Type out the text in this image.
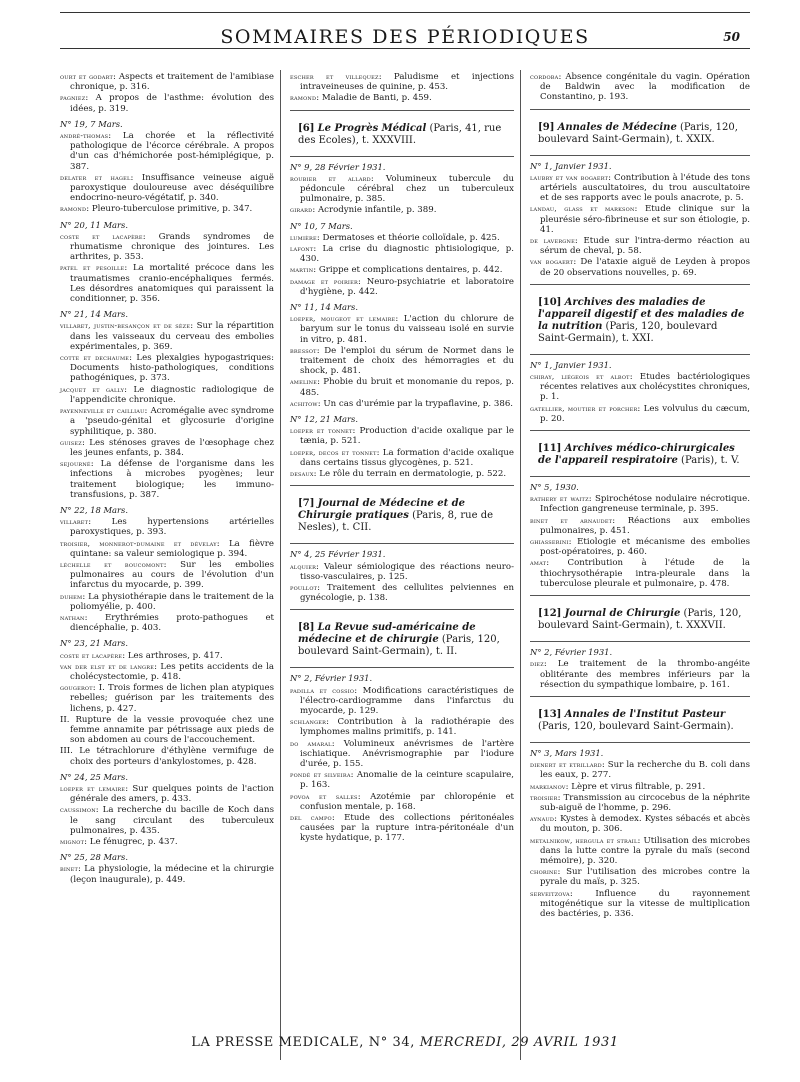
SOMMAIRES DES PÉRIODIQUES	50
ourt et godart: Aspects et traitement de l'amibiase chronique, p. 316.
pagniez: A propos de l'asthme: évolution des idées, p. 319.
N° 19, 7 Mars.
andré-thomas: La chorée et la réflectivité pathologique de l'écorce cérébrale. A propos d'un cas d'hémichorée post-hémiplégique, p. 387.
delater et hagel: Insuffisance veineuse aiguë paroxystique douloureuse avec déséquilibre endocrino-neuro-végétatif, p. 340.
ramond: Pleuro-tuberculose primitive, p. 347.
N° 20, 11 Mars.
coste et lacapère: Grands syndromes de rhumatisme chronique des jointures. Les arthrites, p. 353.
patel et pesoille: La mortalité précoce dans les traumatismes cranio-encéphaliques fermés. Les désordres anatomiques qui paraissent la conditionner, p. 356.
N° 21, 14 Mars.
villaret, justin-besançon et de sèze: Sur la répartition dans les vaisseaux du cerveau des embolies expérimentales, p. 369.
cotte et dechaume: Les plexalgies hypogastriques: Documents histo-pathologiques, conditions pathogéniques, p. 373.
jacquet et gally: Le diagnostic radiologique de l'appendicite chronique.
payenneville et cailliau: Acromégalie avec syndrome a 'pseudo-génital et glycosurie d'origine syphilitique, p. 380.
guisez: Les sténoses graves de l'œsophage chez les jeunes enfants, p. 384.
sejourné: La défense de l'organisme dans les infections à microbes pyogènes; leur traitement biologique; les immuno-transfusions, p. 387.
N° 22, 18 Mars.
villaret: Les hypertensions artérielles paroxystiques, p. 393.
troisier, monnerot-dumaine et dévelay: La fièvre quintane: sa valeur semiologique p. 394.
léchelle et boucomont: Sur les embolies pulmonaires au cours de l'évolution d'un infarctus du myocarde, p. 399.
duhem: La physiothérapie dans le traitement de la poliomyélie, p. 400.
nathan: Erythrémies proto-pathogues et diencéphalie, p. 403.
N° 23, 21 Mars.
coste et lacapère: Les arthroses, p. 417.
van der elst et de langre: Les petits accidents de la cholécystectomie, p. 418.
gougerot: I. Trois formes de lichen plan atypiques rebelles; guérison par les traitements des lichens, p. 427.
II. Rupture de la vessie provoquée chez une femme annamite par pétrissage aux pieds de son abdomen au cours de l'accouchement.
III. Le tétrachlorure d'éthylène vermifuge de choix des porteurs d'ankylostomes, p. 428.
N° 24, 25 Mars.
loeper et lemaire: Sur quelques points de l'action générale des amers, p. 433.
caussimon: La recherche du bacille de Koch dans le sang circulant des tuberculeux pulmonaires, p. 435.
mignot: Le fénugrec, p. 437.
N° 25, 28 Mars.
binet: La physiologie, la médecine et la chirurgie (leçon inaugurale), p. 449.
escher et villequez: Paludisme et injections intraveineuses de quinine, p. 453.
ramond: Maladie de Banti, p. 459.
[6] Le Progrès Médical (Paris, 41, rue des Ecoles), t. XXXVIII.
N° 9, 28 Février 1931.
roubier et allard: Volumineux tubercule du pédoncule cérébral chez un tuberculeux pulmonaire, p. 385.
girard: Acrodynie infantile, p. 389.
N° 10, 7 Mars.
lumière: Dermatoses et théorie colloïdale, p. 425.
lafont: La crise du diagnostic phtisiologique, p. 430.
martin: Grippe et complications dentaires, p. 442.
damage et poirier: Neuro-psychiatrie et laboratoire d'hygiène, p. 442.
N° 11, 14 Mars.
loeper, mougeot et lemaire: L'action du chlorure de baryum sur le tonus du vaisseau isolé en survie in vitro, p. 481.
bressot: De l'emploi du sérum de Normet dans le traitement de choix des hémorragies et du shock, p. 481.
ameline: Phobie du bruit et monomanie du repos, p. 485.
achitow: Un cas d'urémie par la trypaflavine, p. 386.
N° 12, 21 Mars.
loeper et tonnet: Production d'acide oxalique par le tænia, p. 521.
loeper, decos et tonnet: La formation d'acide oxalique dans certains tissus glycogènes, p. 521.
desaux: Le rôle du terrain en dermatologie, p. 522.
[7] Journal de Médecine et de Chirurgie pratiques (Paris, 8, rue de Nesles), t. CII.
N° 4, 25 Février 1931.
alquier: Valeur sémiologique des réactions neuro-tisso-vasculaires, p. 125.
poullot: Traitement des cellulites pelviennes en gynécologie, p. 138.
[8] La Revue sud-américaine de médecine et de chirurgie (Paris, 120, boulevard Saint-Germain), t. II.
N° 2, Février 1931.
padilla et cossio: Modifications caractéristiques de l'électro-cardiogramme dans l'infarctus du myocarde, p. 129.
schlanger: Contribution à la radiothérapie des lymphomes malins primitifs, p. 141.
do amaral: Volumineux anévrismes de l'artère ischiatique. Anévrismographie par l'iodure d'urée, p. 155.
pondé et silveira: Anomalie de la ceinture scapulaire, p. 163.
povoa et salles: Azotémie par chloropénie et confusion mentale, p. 168.
del campo: Etude des collections péritonéales causées par la rupture intra-péritonéale d'un kyste hydatique, p. 177.
cordoba: Absence congénitale du vagin. Opération de Baldwin avec la modification de Constantino, p. 193.
[9] Annales de Médecine (Paris, 120, boulevard Saint-Germain), t. XXIX.
N° 1, Janvier 1931.
laubry et van bogaert: Contribution à l'étude des tons artériels auscultatoires, du trou auscultatoire et de ses rapports avec le pouls anacrote, p. 5.
landau, glass et markson: Etude clinique sur la pleurésie séro-fibrineuse et sur son étiologie, p. 41.
de lavergne: Etude sur l'intra-dermo réaction au sérum de cheval, p. 58.
van bogaert: De l'ataxie aiguë de Leyden à propos de 20 observations nouvelles, p. 69.
[10] Archives des maladies de l'appareil digestif et des maladies de la nutrition (Paris, 120, boulevard Saint-Germain), t. XXI.
N° 1, Janvier 1931.
chiray, liégeois et albot: Etudes bactériologiques récentes relatives aux cholécystites chroniques, p. 1.
gatellier, moutier et porcher: Les volvulus du cæcum, p. 20.
[11] Archives médico-chirurgicales de l'appareil respiratoire (Paris), t. V.
N° 5, 1930.
rathery et waitz: Spirochétose nodulaire nécrotique. Infection gangreneuse terminale, p. 395.
binet et arnaudet: Réactions aux embolies pulmonaires, p. 451.
ghiasserini: Etiologie et mécanisme des embolies post-opératoires, p. 460.
amat: Contribution à l'étude de la thiochrysothérapie intra-pleurale dans la tuberculose pleurale et pulmonaire, p. 478.
[12] Journal de Chirurgie (Paris, 120, boulevard Saint-Germain), t. XXXVII.
N° 2, Février 1931.
diez: Le traitement de la thrombo-angéite oblitérante des membres inférieurs par la résection du sympathique lombaire, p. 161.
[13] Annales de l'Institut Pasteur (Paris, 120, boulevard Saint-Germain).
N° 3, Mars 1931.
dienert et etrillard: Sur la recherche du B. coli dans les eaux, p. 277.
markianov: Lèpre et virus filtrable, p. 291.
troisier: Transmission au circocebus de la néphrite sub-aiguë de l'homme, p. 296.
aynaud: Kystes à demodex. Kystes sébacés et abcès du mouton, p. 306.
metalnikow, hergula et strail: Utilisation des microbes dans la lutte contre la pyrale du maïs (second mémoire), p. 320.
chorine: Sur l'utilisation des microbes contre la pyrale du maïs, p. 325.
serveitzova: Influence du rayonnement mitogénétique sur la vitesse de multiplication des bactéries, p. 336.
LA PRESSE MEDICALE, N° 34, MERCREDI, 29 AVRIL 1931
